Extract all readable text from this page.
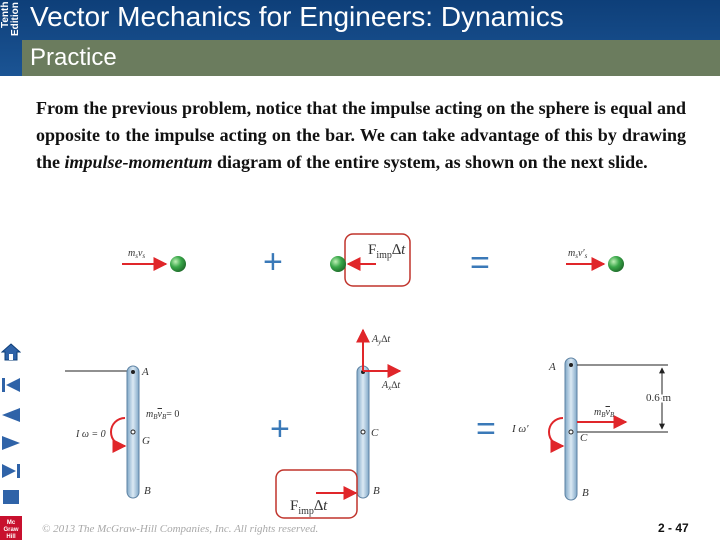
Tenth Edition Vector Mechanics for Engineers: Dynamics
Practice
Mc
Graw
Hill
From the previous problem, notice that the impulse acting on the sphere is equal and opposite to the impulse acting on the bar. We can take advantage of this by drawing the impulse-momentum diagram of the entire system, as shown on the next slide.
$m_sv_s$	+	$F_{imp}\Delta t$ =	$m_sv'_s$
A
G
B
$m_Bv_B= 0$
I ω = 0	+
$A_y\Delta t$
$A_x\Delta t$
C
B
$F_{imp}\Delta t$
=
0.6 m
A
C
B
$m_Bv_B$
I ω′
© 2013 The McGraw-Hill Companies, Inc. All rights reserved.	2 - 47
